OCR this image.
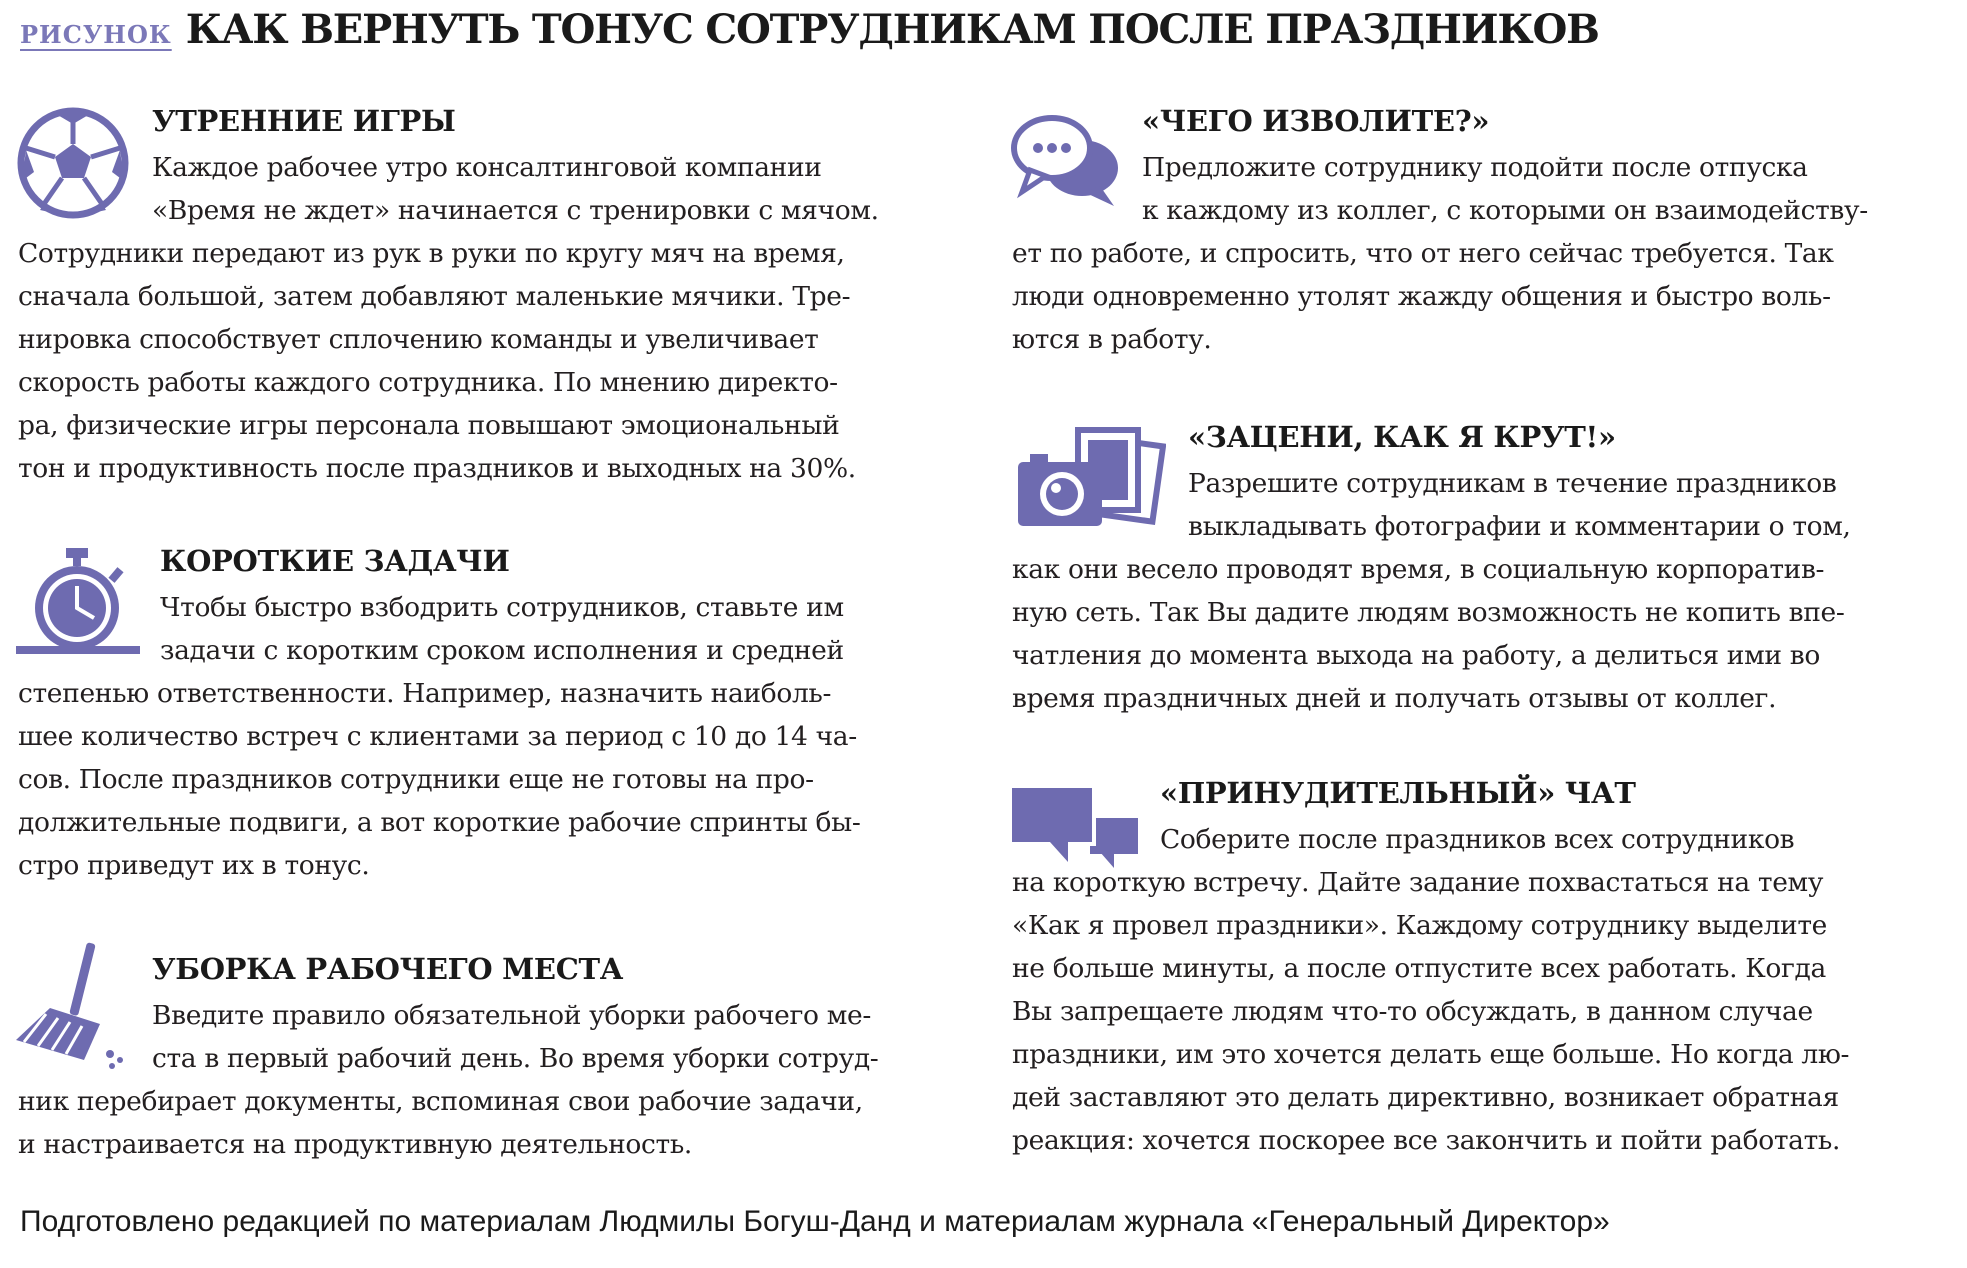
РИСУНОК КАК ВЕРНУТЬ ТОНУС СОТРУДНИКАМ ПОСЛЕ ПРАЗДНИКОВ
УТРЕННИЕ ИГРЫ
Каждое рабочее утро консалтинговой компании
«Время не ждет» начинается с тренировки с мячом.
Сотрудники передают из рук в руки по кругу мяч на время,
сначала большой, затем добавляют маленькие мячики. Тре-
нировка способствует сплочению команды и увеличивает
скорость работы каждого сотрудника. По мнению директо-
ра, физические игры персонала повышают эмоциональный
тон и продуктивность после праздников и выходных на 30%.
КОРОТКИЕ ЗАДАЧИ
Чтобы быстро взбодрить сотрудников, ставьте им
задачи с коротким сроком исполнения и средней
степенью ответственности. Например, назначить наиболь-
шее количество встреч с клиентами за период с 10 до 14 ча-
сов. После праздников сотрудники еще не готовы на про-
должительные подвиги, а вот короткие рабочие спринты бы-
стро приведут их в тонус.
УБОРКА РАБОЧЕГО МЕСТА
Введите правило обязательной уборки рабочего ме-
ста в первый рабочий день. Во время уборки сотруд-
ник перебирает документы, вспоминая свои рабочие задачи,
и настраивается на продуктивную деятельность.
«ЧЕГО ИЗВОЛИТЕ?»
Предложите сотруднику подойти после отпуска
к каждому из коллег, с которыми он взаимодейству-
ет по работе, и спросить, что от него сейчас требуется. Так
люди одновременно утолят жажду общения и быстро воль-
ются в работу.
«ЗАЦЕНИ, КАК Я КРУТ!»
Разрешите сотрудникам в течение праздников
выкладывать фотографии и комментарии о том,
как они весело проводят время, в социальную корпоратив-
ную сеть. Так Вы дадите людям возможность не копить впе-
чатления до момента выхода на работу, а делиться ими во
время праздничных дней и получать отзывы от коллег.
«ПРИНУДИТЕЛЬНЫЙ» ЧАТ
Соберите после праздников всех сотрудников
на короткую встречу. Дайте задание похвастаться на тему
«Как я провел праздники». Каждому сотруднику выделите
не больше минуты, а после отпустите всех работать. Когда
Вы запрещаете людям что-то обсуждать, в данном случае
праздники, им это хочется делать еще больше. Но когда лю-
дей заставляют это делать директивно, возникает обратная
реакция: хочется поскорее все закончить и пойти работать.
Подготовлено редакцией по материалам Людмилы Богуш-Данд и материалам журнала «Генеральный Директор»
